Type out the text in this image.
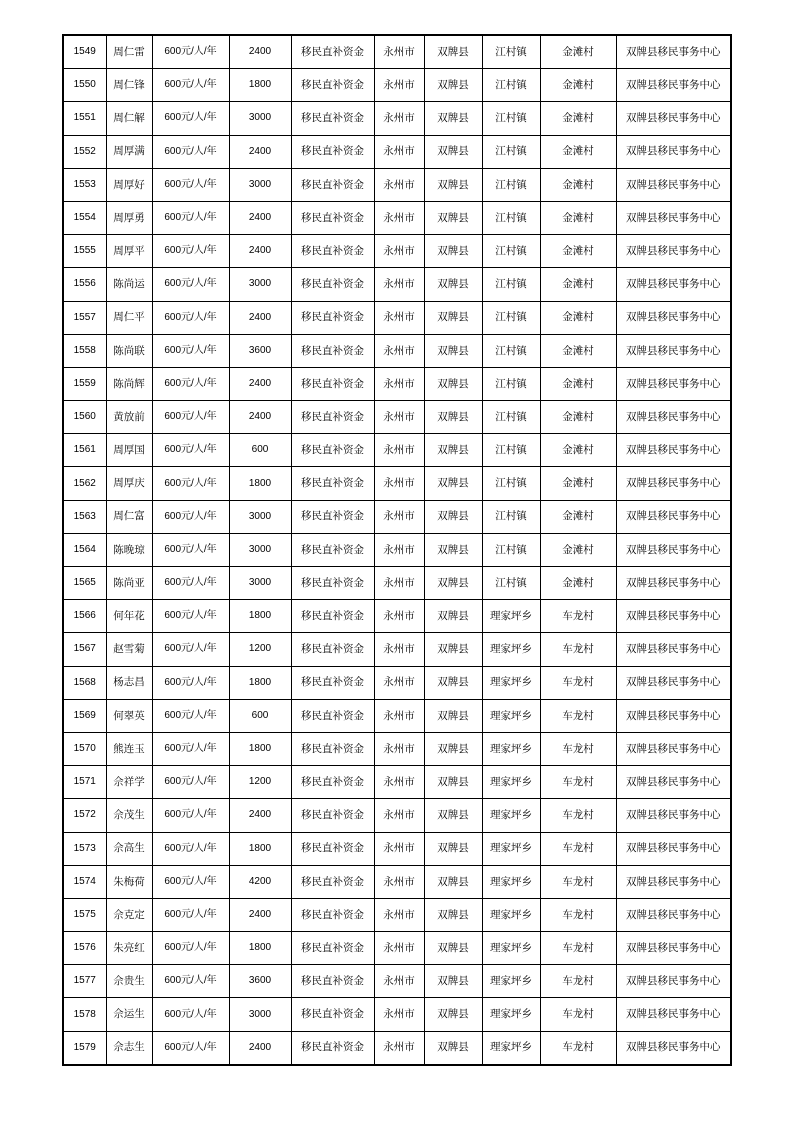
1549	周仁雷	600元/人/年	2400	移民直补资金	永州市	双牌县	江村镇	金滩村	双牌县移民事务中心
1550	周仁锋	600元/人/年	1800	移民直补资金	永州市	双牌县	江村镇	金滩村	双牌县移民事务中心
1551	周仁解	600元/人/年	3000	移民直补资金	永州市	双牌县	江村镇	金滩村	双牌县移民事务中心
1552	周厚满	600元/人/年	2400	移民直补资金	永州市	双牌县	江村镇	金滩村	双牌县移民事务中心
1553	周厚好	600元/人/年	3000	移民直补资金	永州市	双牌县	江村镇	金滩村	双牌县移民事务中心
1554	周厚勇	600元/人/年	2400	移民直补资金	永州市	双牌县	江村镇	金滩村	双牌县移民事务中心
1555	周厚平	600元/人/年	2400	移民直补资金	永州市	双牌县	江村镇	金滩村	双牌县移民事务中心
1556	陈尚运	600元/人/年	3000	移民直补资金	永州市	双牌县	江村镇	金滩村	双牌县移民事务中心
1557	周仁平	600元/人/年	2400	移民直补资金	永州市	双牌县	江村镇	金滩村	双牌县移民事务中心
1558	陈尚联	600元/人/年	3600	移民直补资金	永州市	双牌县	江村镇	金滩村	双牌县移民事务中心
1559	陈尚辉	600元/人/年	2400	移民直补资金	永州市	双牌县	江村镇	金滩村	双牌县移民事务中心
1560	黄放前	600元/人/年	2400	移民直补资金	永州市	双牌县	江村镇	金滩村	双牌县移民事务中心
1561	周厚国	600元/人/年	600	移民直补资金	永州市	双牌县	江村镇	金滩村	双牌县移民事务中心
1562	周厚庆	600元/人/年	1800	移民直补资金	永州市	双牌县	江村镇	金滩村	双牌县移民事务中心
1563	周仁富	600元/人/年	3000	移民直补资金	永州市	双牌县	江村镇	金滩村	双牌县移民事务中心
1564	陈晚琼	600元/人/年	3000	移民直补资金	永州市	双牌县	江村镇	金滩村	双牌县移民事务中心
1565	陈尚亚	600元/人/年	3000	移民直补资金	永州市	双牌县	江村镇	金滩村	双牌县移民事务中心
1566	何年花	600元/人/年	1800	移民直补资金	永州市	双牌县	理家坪乡	车龙村	双牌县移民事务中心
1567	赵雪菊	600元/人/年	1200	移民直补资金	永州市	双牌县	理家坪乡	车龙村	双牌县移民事务中心
1568	杨志昌	600元/人/年	1800	移民直补资金	永州市	双牌县	理家坪乡	车龙村	双牌县移民事务中心
1569	何翠英	600元/人/年	600	移民直补资金	永州市	双牌县	理家坪乡	车龙村	双牌县移民事务中心
1570	熊连玉	600元/人/年	1800	移民直补资金	永州市	双牌县	理家坪乡	车龙村	双牌县移民事务中心
1571	佘祥学	600元/人/年	1200	移民直补资金	永州市	双牌县	理家坪乡	车龙村	双牌县移民事务中心
1572	佘茂生	600元/人/年	2400	移民直补资金	永州市	双牌县	理家坪乡	车龙村	双牌县移民事务中心
1573	佘高生	600元/人/年	1800	移民直补资金	永州市	双牌县	理家坪乡	车龙村	双牌县移民事务中心
1574	朱梅荷	600元/人/年	4200	移民直补资金	永州市	双牌县	理家坪乡	车龙村	双牌县移民事务中心
1575	佘克定	600元/人/年	2400	移民直补资金	永州市	双牌县	理家坪乡	车龙村	双牌县移民事务中心
1576	朱亮红	600元/人/年	1800	移民直补资金	永州市	双牌县	理家坪乡	车龙村	双牌县移民事务中心
1577	佘贵生	600元/人/年	3600	移民直补资金	永州市	双牌县	理家坪乡	车龙村	双牌县移民事务中心
1578	佘运生	600元/人/年	3000	移民直补资金	永州市	双牌县	理家坪乡	车龙村	双牌县移民事务中心
1579	佘志生	600元/人/年	2400	移民直补资金	永州市	双牌县	理家坪乡	车龙村	双牌县移民事务中心
